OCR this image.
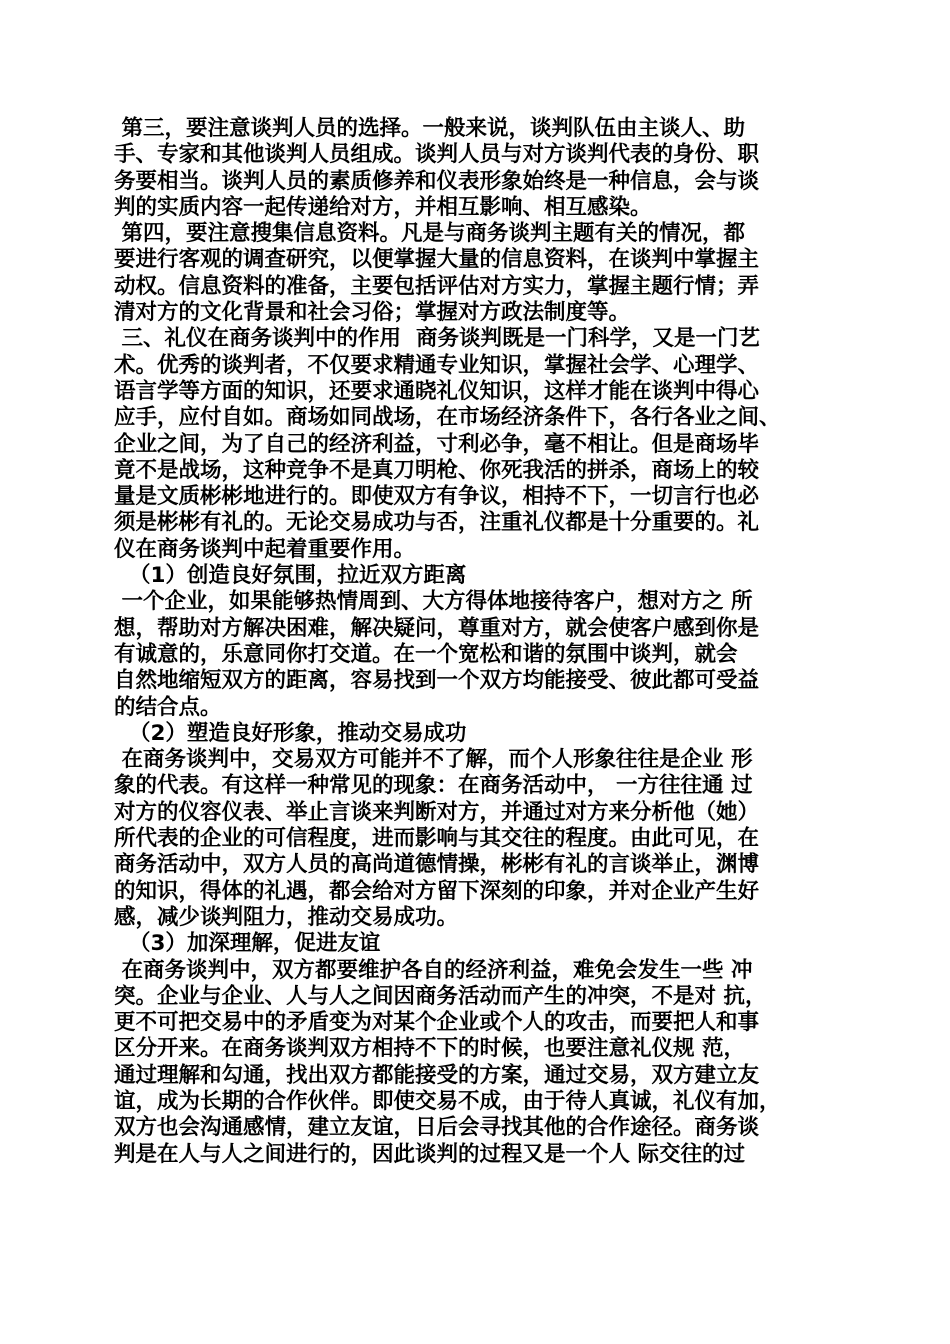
第三，要注意谈判人员的选择。一般来说，谈判队伍由主谈人、助
手、专家和其他谈判人员组成。谈判人员与对方谈判代表的身份、职
务要相当。谈判人员的素质修养和仪表形象始终是一种信息，会与谈
判的实质内容一起传递给对方，并相互影响、相互感染。
第四，要注意搜集信息资料。凡是与商务谈判主题有关的情况，都
要进行客观的调查研究，以便掌握大量的信息资料，在谈判中掌握主
动权。信息资料的准备，主要包括评估对方实力，掌握主题行情；弄
清对方的文化背景和社会习俗；掌握对方政法制度等。
三、礼仪在商务谈判中的作用  商务谈判既是一门科学，又是一门艺
术。优秀的谈判者，不仅要求精通专业知识，掌握社会学、心理学、
语言学等方面的知识，还要求通晓礼仪知识，这样才能在谈判中得心
应手，应付自如。商场如同战场，在市场经济条件下，各行各业之间、
企业之间，为了自己的经济利益，寸利必争，毫不相让。但是商场毕
竟不是战场，这种竞争不是真刀明枪、你死我活的拼杀，商场上的较
量是文质彬彬地进行的。即使双方有争议，相持不下，一切言行也必
须是彬彬有礼的。无论交易成功与否，注重礼仪都是十分重要的。礼
仪在商务谈判中起着重要作用。
（1）创造良好氛围，拉近双方距离
一个企业，如果能够热情周到、大方得体地接待客户，想对方之 所
想，帮助对方解决困难，解决疑问，尊重对方，就会使客户感到你是
有诚意的，乐意同你打交道。在一个宽松和谐的氛围中谈判，就会
自然地缩短双方的距离，容易找到一个双方均能接受、彼此都可受益
的结合点。
（2）塑造良好形象，推动交易成功
在商务谈判中，交易双方可能并不了解，而个人形象往往是企业 形
象的代表。有这样一种常见的现象：在商务活动中， 一方往往通 过
对方的仪容仪表、举止言谈来判断对方，并通过对方来分析他（她）
所代表的企业的可信程度，进而影响与其交往的程度。由此可见，在
商务活动中，双方人员的高尚道德情操，彬彬有礼的言谈举止，渊博
的知识，得体的礼遇，都会给对方留下深刻的印象，并对企业产生好
感，减少谈判阻力，推动交易成功。
（3）加深理解，促进友谊
在商务谈判中，双方都要维护各自的经济利益，难免会发生一些 冲
突。企业与企业、人与人之间因商务活动而产生的冲突，不是对 抗，
更不可把交易中的矛盾变为对某个企业或个人的攻击，而要把人和事
区分开来。在商务谈判双方相持不下的时候，也要注意礼仪规 范，
通过理解和勾通，找出双方都能接受的方案，通过交易，双方建立友
谊，成为长期的合作伙伴。即使交易不成，由于待人真诚，礼仪有加，
双方也会沟通感情，建立友谊，日后会寻找其他的合作途径。商务谈
判是在人与人之间进行的，因此谈判的过程又是一个人 际交往的过
